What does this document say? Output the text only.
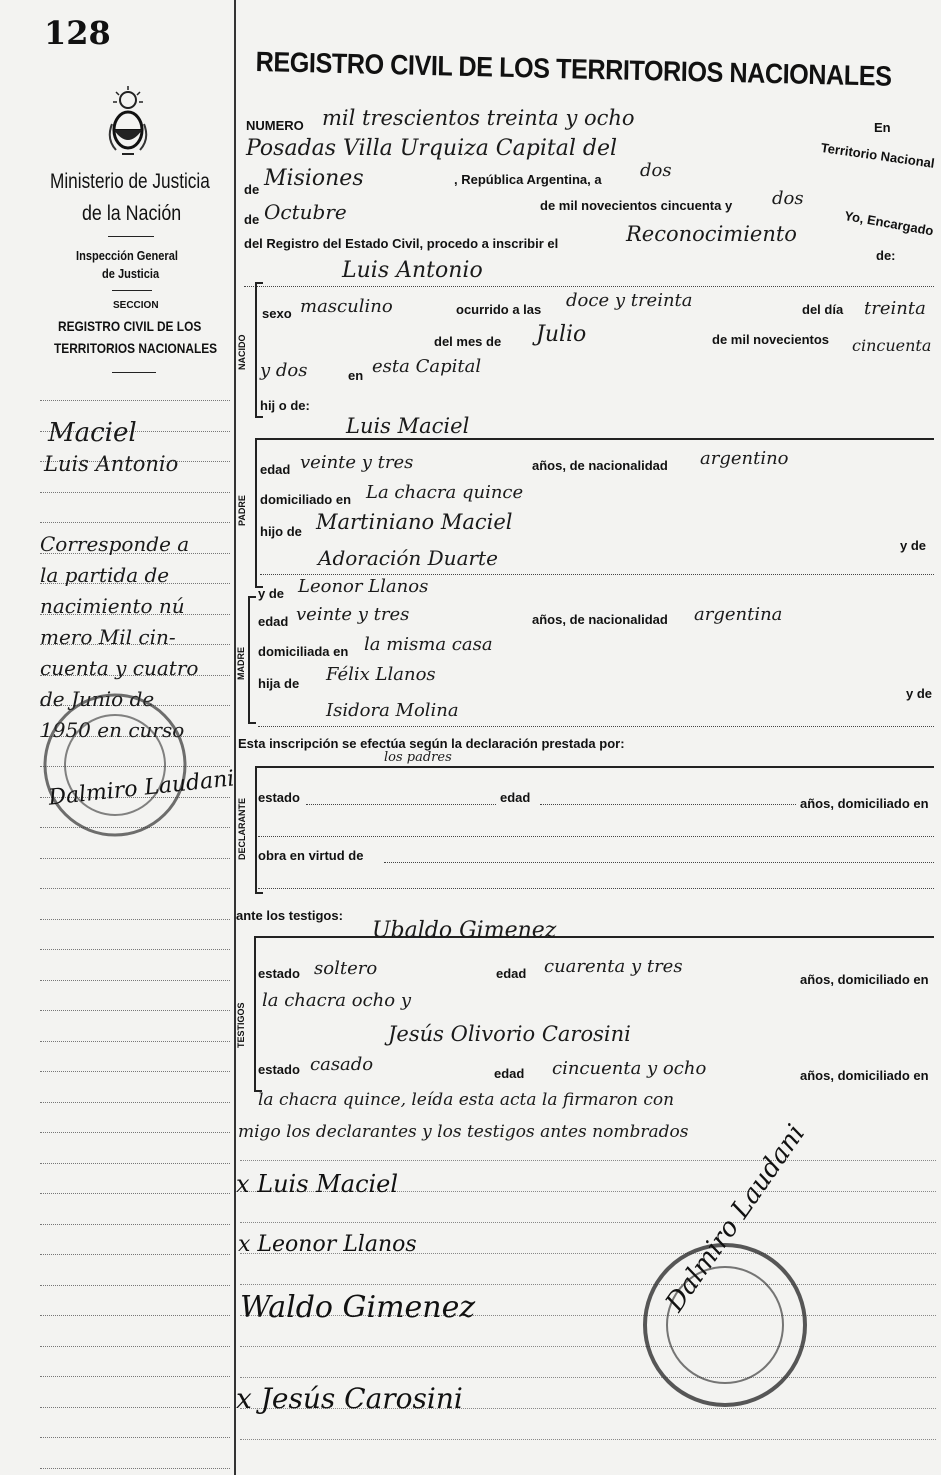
128
REGISTRO CIVIL DE LOS TERRITORIOS NACIONALES
Ministerio de Justicia
de la Nación
Inspección General
de Justicia
SECCION
REGISTRO CIVIL DE LOS
TERRITORIOS NACIONALES
Maciel
Luis Antonio
Corresponde a
la partida de
nacimiento nú
mero Mil cin-
cuenta y cuatro
de Junio de
1950 en curso
Dalmiro Laudani
NUMERO mil trescientos treinta y ocho	En
Posadas Villa Urquiza Capital del	Territorio Nacional
de Misiones	, República Argentina, a dos
de Octubre	de mil novecientos cincuenta y dos
Yo, Encargado
del Registro del Estado Civil, procedo a inscribir el	Reconocimiento
de:
Luis Antonio
NACIDO
sexo masculino	ocurrido a las doce y treinta	del día treinta
del mes de Julio	de mil novecientos cincuenta
y dos	en esta Capital
hij o de:
Luis Maciel
PADRE
edad veinte y tres	años, de nacionalidad argentino
domiciliado en La chacra quince
hijo de Martiniano Maciel
y de
Adoración Duarte
y de Leonor Llanos
MADRE
edad veinte y tres	años, de nacionalidad argentina
domiciliada en la misma casa
hija de Félix Llanos
y de
Isidora Molina
Esta inscripción se efectúa según la declaración prestada por:
los padres
DECLARANTE
estado	edad	años, domiciliado en
obra en virtud de
ante los testigos:
TESTIGOS
Ubaldo Gimenez
estado soltero	edad cuarenta y tres
años, domiciliado en
la chacra ocho y
Jesús Olivorio Carosini
estado casado	edad cincuenta y ocho	años, domiciliado en
la chacra quince, leída esta acta la firmaron con
migo los declarantes y los testigos antes nombrados
x Luis Maciel
x Leonor Llanos
Waldo Gimenez
x Jesús Carosini
Dalmiro Laudani
